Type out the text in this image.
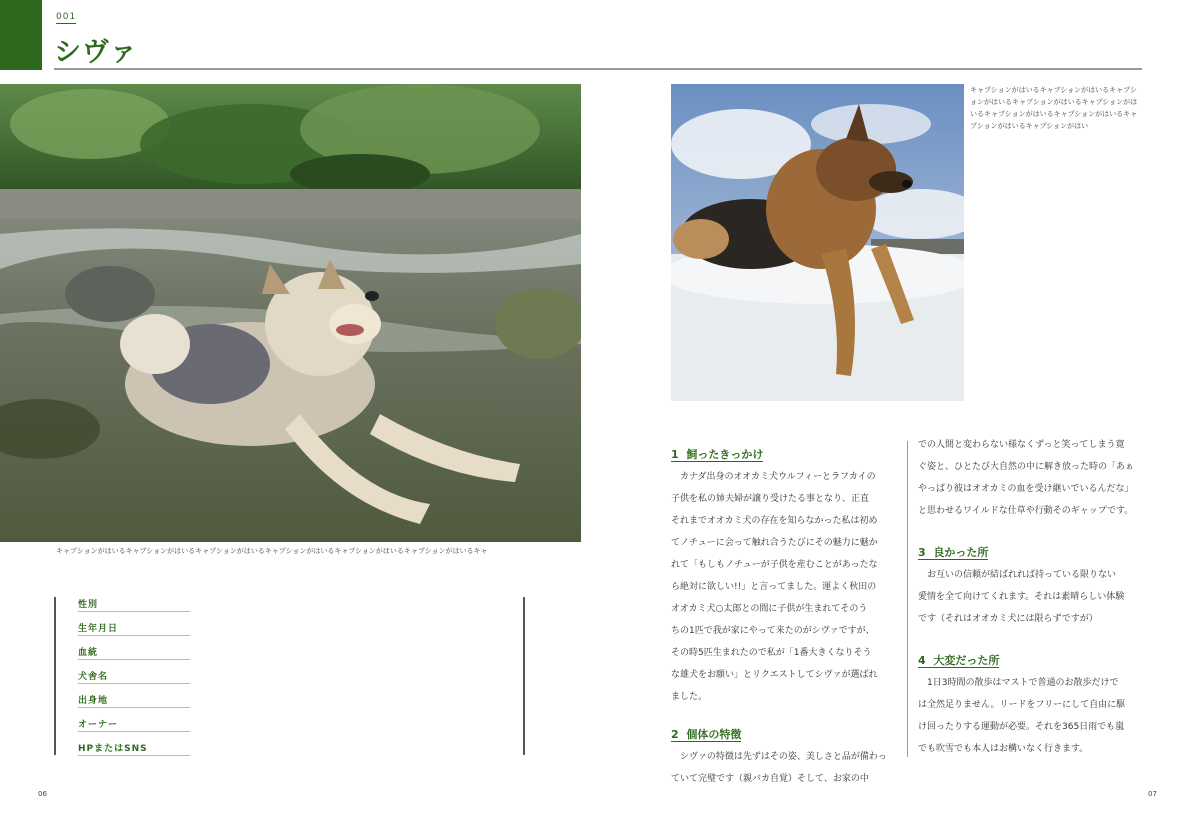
001
シヴァ
キャプションがはいるキャプションがはいるキャプションがはいるキャプションがはいるキャプションがはいるキャプションがはいるキャ
性別
生年月日
血統
犬舎名
出身地
オーナー
HPまたはSNS
キャプションがはいるキャプションがはいるキャプションがはいるキャプションがはいるキャプションがはいるキャプションがはいるキャプションがはいるキャプションがはいるキャプションがはい
1 飼ったきっかけ

カナダ出身のオオカミ犬ウルフィーとラフカイの

子供を私の姉夫婦が譲り受けたる事となり、正直
それまでオオカミ犬の存在を知らなかった私は初め
てノチューに会って触れ合うたびにその魅力に魅か
れて「もしもノチューが子供を産むことがあったな
ら絶対に欲しい!!」と言ってました。運よく秋田の
オオカミ犬○太郎との間に子供が生まれてそのう
ちの1匹で我が家にやって来たのがシヴァですが、
その時5匹生まれたので私が「1番大きくなりそう
な雄犬をお願い」とリクエストしてシヴァが選ばれ
ました。
2 個体の特徴

シヴァの特徴は先ずはその姿、美しさと品が備わっ

ていて完璧です（親バカ自覚）そして、お家の中
での人間と変わらない様なくずっと笑ってしまう寛
ぐ姿と、ひとたび大自然の中に解き放った時の「あぁ
やっぱり彼はオオカミの血を受け継いでいるんだな」
と思わせるワイルドな仕草や行動そのギャップです。
3 良かった所

お互いの信頼が結ばれれば持っている限りない

愛情を全て向けてくれます。それは素晴らしい体験
です（それはオオカミ犬には限らずですが）
4 大変だった所

1日3時間の散歩はマストで普通のお散歩だけで

は全然足りません。リードをフリーにして自由に駆
け回ったりする運動が必要。それを365日雨でも嵐
でも吹雪でも本人はお構いなく行きます。
06	07
